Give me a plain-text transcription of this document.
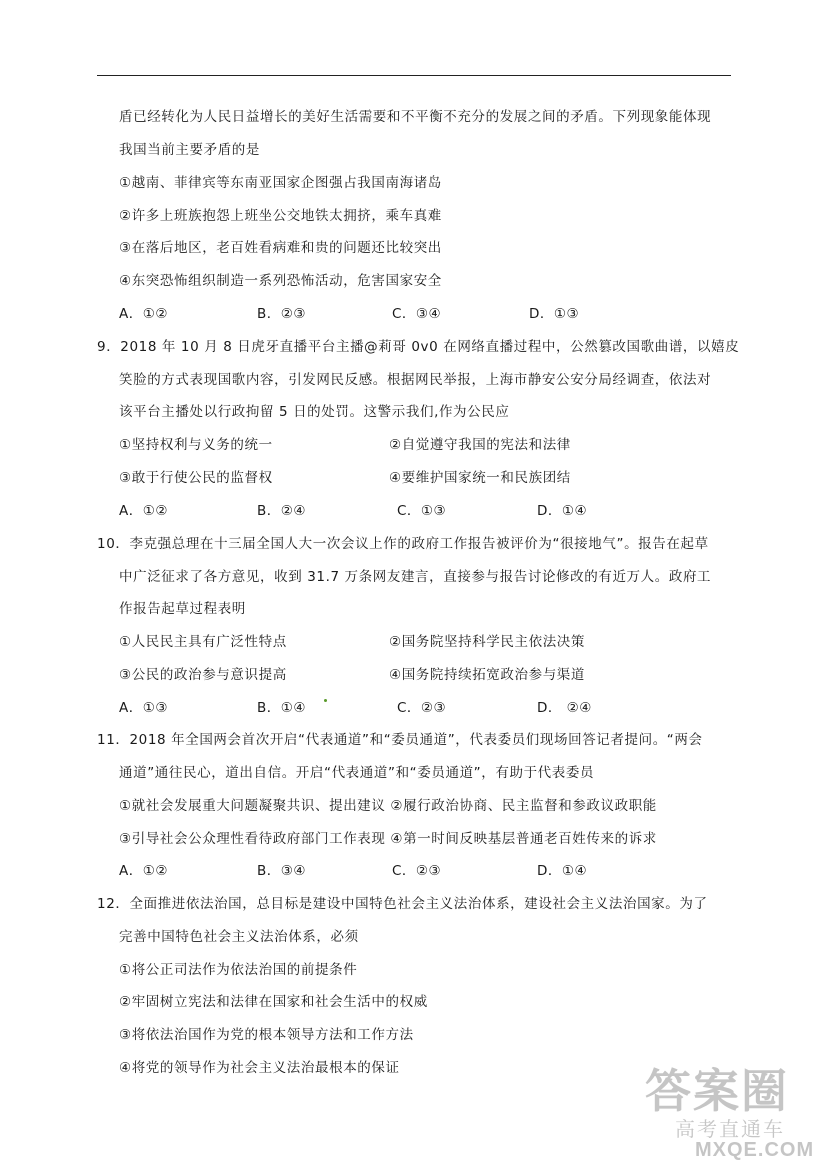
盾已经转化为人民日益增长的美好生活需要和不平衡不充分的发展之间的矛盾。下列现象能体现
我国当前主要矛盾的是
①越南、菲律宾等东南亚国家企图强占我国南海诸岛
②许多上班族抱怨上班坐公交地铁太拥挤，乘车真难
③在落后地区，老百姓看病难和贵的问题还比较突出
④东突恐怖组织制造一系列恐怖活动，危害国家安全
A．①②	B．②③	C．③④	D．①③
9．2018 年 10 月 8 日虎牙直播平台主播@莉哥 0v0 在网络直播过程中，公然篡改国歌曲谱，以嬉皮
笑脸的方式表现国歌内容，引发网民反感。根据网民举报，上海市静安公安分局经调查，依法对
该平台主播处以行政拘留 5 日的处罚。这警示我们,作为公民应
①坚持权利与义务的统一	②自觉遵守我国的宪法和法律
③敢于行使公民的监督权	④要维护国家统一和民族团结
A．①②	B．②④	C．①③	D．①④
10．李克强总理在十三届全国人大一次会议上作的政府工作报告被评价为“很接地气”。报告在起草
中广泛征求了各方意见，收到 31.7 万条网友建言，直接参与报告讨论修改的有近万人。政府工
作报告起草过程表明
①人民民主具有广泛性特点	②国务院坚持科学民主依法决策
③公民的政治参与意识提高	④国务院持续拓宽政治参与渠道
A．①③	B．①④	C．②③	D． ②④
11．2018 年全国两会首次开启“代表通道”和“委员通道”，代表委员们现场回答记者提问。“两会
通道”通往民心，道出自信。开启“代表通道”和“委员通道”，有助于代表委员
①就社会发展重大问题凝聚共识、提出建议 ②履行政治协商、民主监督和参政议政职能
③引导社会公众理性看待政府部门工作表现 ④第一时间反映基层普通老百姓传来的诉求
A．①②	B．③④	C．②③	D．①④
12．全面推进依法治国，总目标是建设中国特色社会主义法治体系，建设社会主义法治国家。为了
完善中国特色社会主义法治体系，必须
①将公正司法作为依法治国的前提条件
②牢固树立宪法和法律在国家和社会生活中的权威
③将依法治国作为党的根本领导方法和工作方法
④将党的领导作为社会主义法治最根本的保证	答案圈
高考直通车
MXQE.COM
